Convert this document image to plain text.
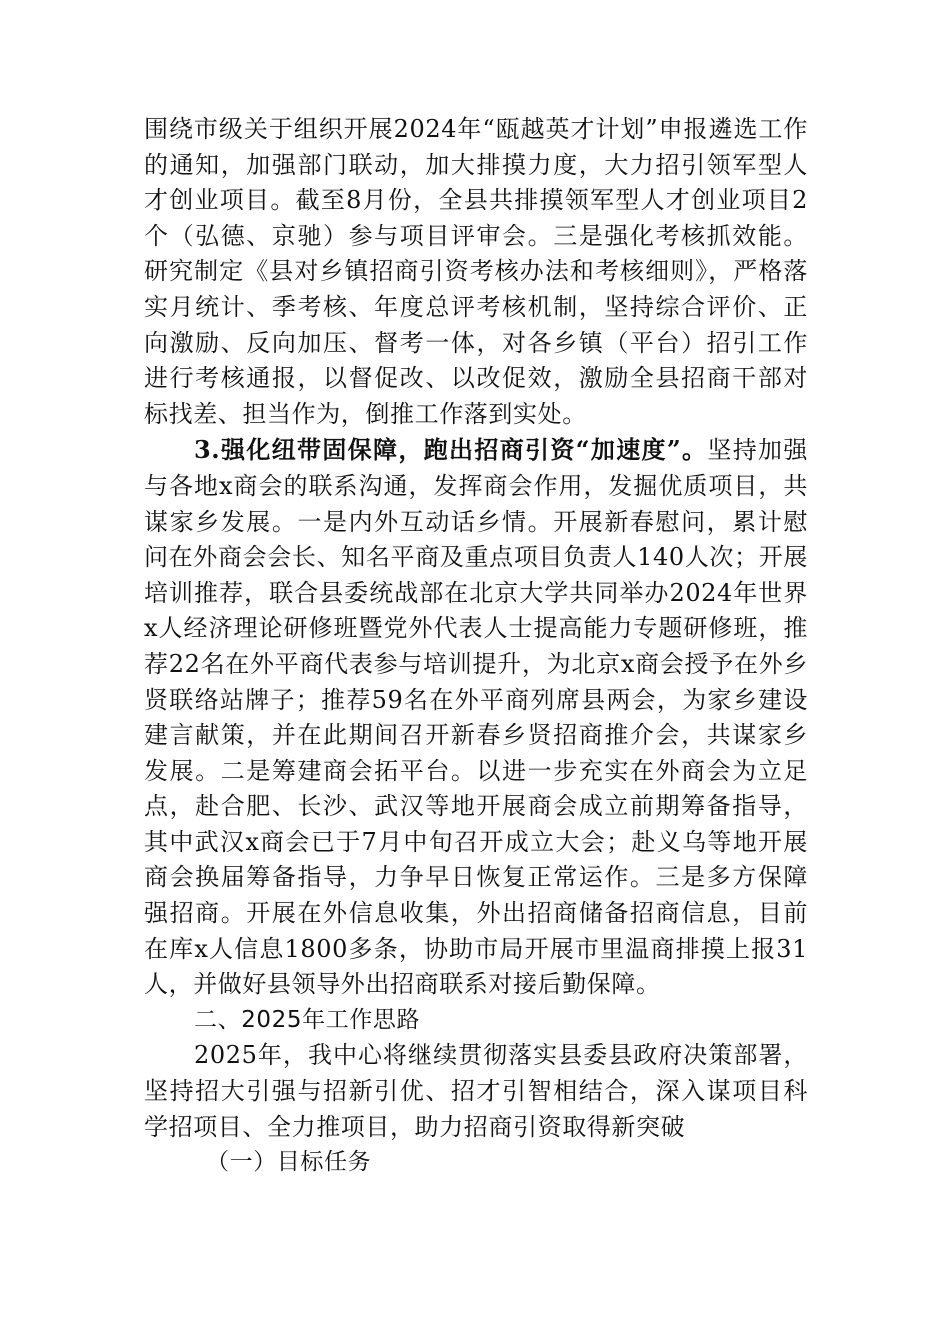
围绕市级关于组织开展2024年“瓯越英才计划”申报遴选工作的通知，加强部门联动，加大排摸力度，大力招引领军型人才创业项目。截至8月份，全县共排摸领军型人才创业项目2个（弘德、京驰）参与项目评审会。三是强化考核抓效能。研究制定《县对乡镇招商引资考核办法和考核细则》，严格落实月统计、季考核、年度总评考核机制，坚持综合评价、正向激励、反向加压、督考一体，对各乡镇（平台）招引工作进行考核通报，以督促改、以改促效，激励全县招商干部对标找差、担当作为，倒推工作落到实处。

3.强化纽带固保障，跑出招商引资“加速度”。坚持加强与各地x商会的联系沟通，发挥商会作用，发掘优质项目，共谋家乡发展。一是内外互动话乡情。开展新春慰问，累计慰问在外商会会长、知名平商及重点项目负责人140人次；开展培训推荐，联合县委统战部在北京大学共同举办2024年世界x人经济理论研修班暨党外代表人士提高能力专题研修班，推荐22名在外平商代表参与培训提升，为北京x商会授予在外乡贤联络站牌子；推荐59名在外平商列席县两会，为家乡建设建言献策，并在此期间召开新春乡贤招商推介会，共谋家乡发展。二是筹建商会拓平台。以进一步充实在外商会为立足点，赴合肥、长沙、武汉等地开展商会成立前期筹备指导，其中武汉x商会已于7月中旬召开成立大会；赴义乌等地开展商会换届筹备指导，力争早日恢复正常运作。三是多方保障强招商。开展在外信息收集，外出招商储备招商信息，目前在库x人信息1800多条，协助市局开展市里温商排摸上报31人，并做好县领导外出招商联系对接后勤保障。

二、2025年工作思路

2025年，我中心将继续贯彻落实县委县政府决策部署，坚持招大引强与招新引优、招才引智相结合，深入谋项目科学招项目、全力推项目，助力招商引资取得新突破

（一）目标任务
